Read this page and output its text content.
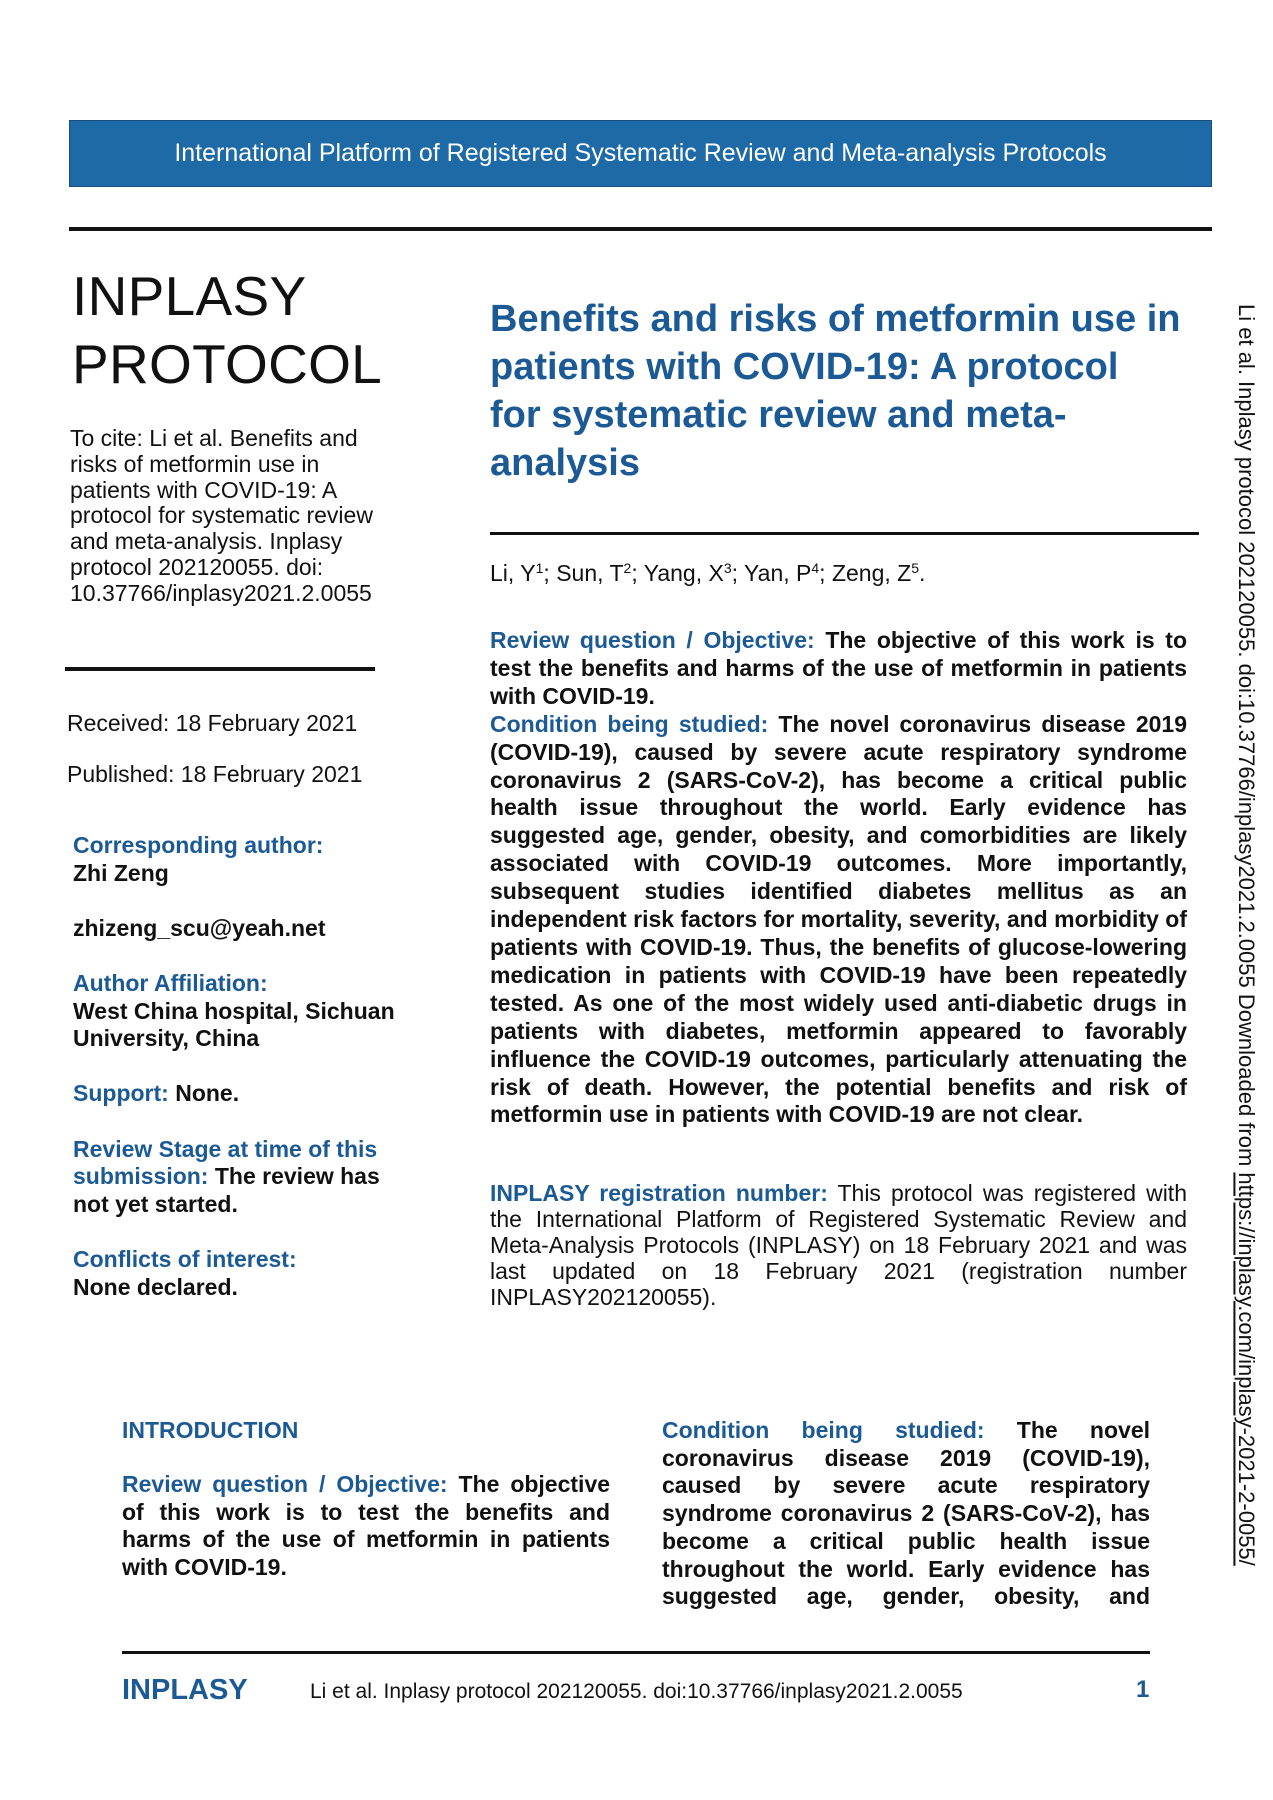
International Platform of Registered Systematic Review and Meta-analysis Protocols
INPLASY
PROTOCOL
To cite: Li et al. Benefits and
risks of metformin use in
patients with COVID-19: A
protocol for systematic review
and meta-analysis. Inplasy
protocol 202120055. doi:
10.37766/inplasy2021.2.0055
Received: 18 February 2021
Published: 18 February 2021
Corresponding author:
Zhi Zeng
zhizeng_scu@yeah.net
Author Affiliation:
West China hospital, Sichuan University, China
Support: None.
Review Stage at time of this submission: The review has not yet started.
Conflicts of interest:
None declared.
Benefits and risks of metformin use in
patients with COVID-19: A protocol
for systematic review and meta-
analysis
Li, $Y^1$; Sun, $T^2$; Yang, $X^3$; Yan, $P^4$; Zeng, $Z^5$.

Review question / Objective: The objective of this work is to test the benefits and harms of the use of metformin in patients with COVID-19.

Condition being studied: The novel coronavirus disease 2019 (COVID-19), caused by severe acute respiratory syndrome coronavirus 2 (SARS-CoV-2), has become a critical public health issue throughout the world. Early evidence has suggested age, gender, obesity, and comorbidities are likely associated with COVID-19 outcomes. More importantly, subsequent studies identified diabetes mellitus as an independent risk factors for mortality, severity, and morbidity of patients with COVID-19. Thus, the benefits of glucose-lowering medication in patients with COVID-19 have been repeatedly tested. As one of the most widely used anti-diabetic drugs in patients with diabetes, metformin appeared to favorably influence the COVID-19 outcomes, particularly attenuating the risk of death. However, the potential benefits and risk of metformin use in patients with COVID-19 are not clear.

INPLASY registration number: This protocol was registered with the International Platform of Registered Systematic Review and Meta-Analysis Protocols (INPLASY) on 18 February 2021 and was last updated on 18 February 2021 (registration number INPLASY202120055).

Li et al. Inplasy protocol 202120055. doi:10.37766/inplasy2021.2.0055 Downloaded from https://inplasy.com/inplasy-2021-2-0055/
INTRODUCTION

Review question / Objective: The objective of this work is to test the benefits and harms of the use of metformin in patients with COVID-19.

Condition being studied: The novel coronavirus disease 2019 (COVID-19), caused by severe acute respiratory syndrome coronavirus 2 (SARS-CoV-2), has become a critical public health issue throughout the world. Early evidence has suggested age, gender, obesity, and

INPLASY	Li et al. Inplasy protocol 202120055. doi:10.37766/inplasy2021.2.0055	1
